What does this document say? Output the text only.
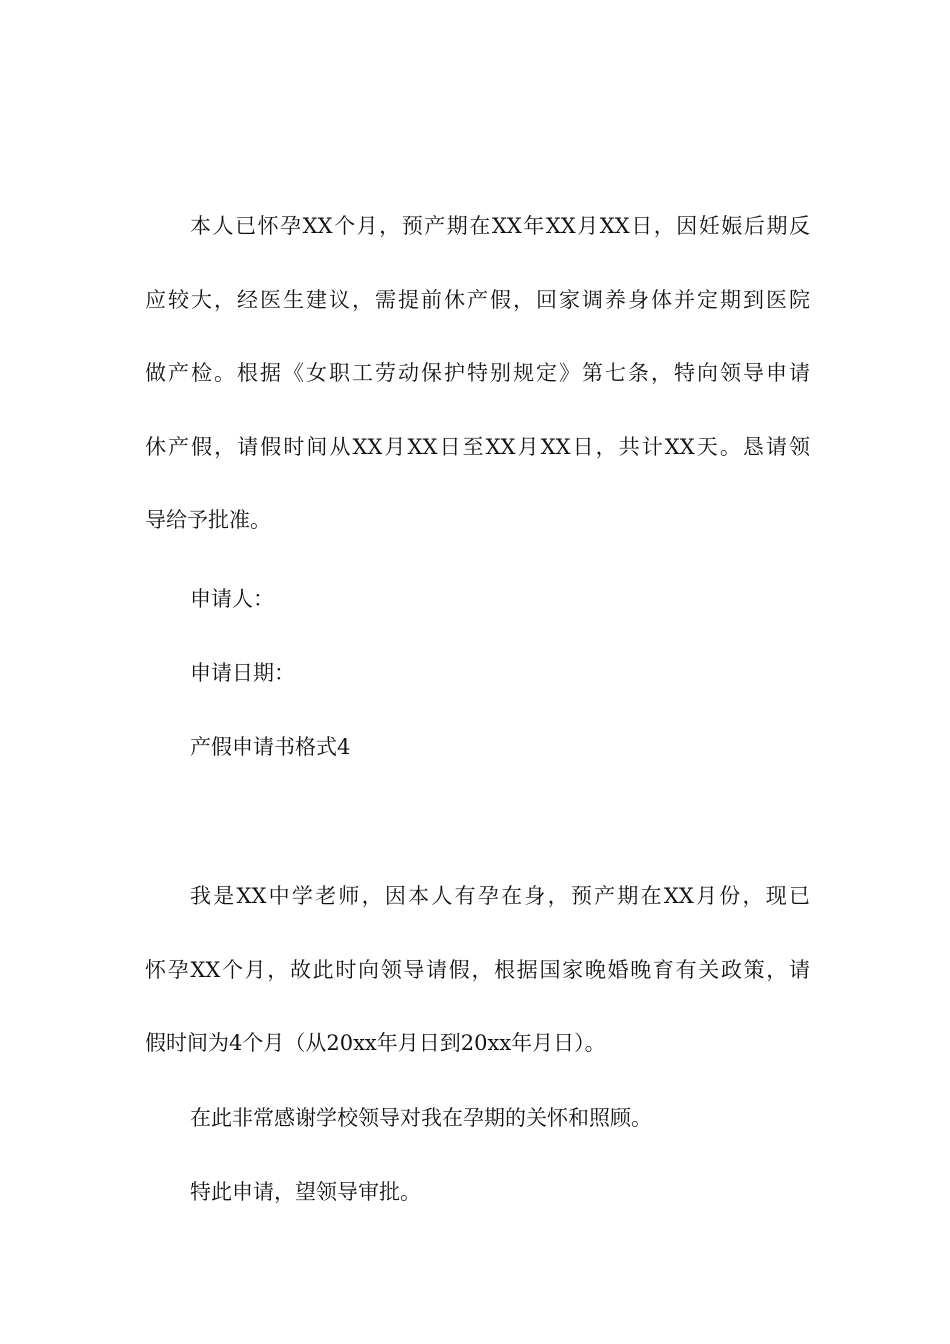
本人已怀孕XX个月，预产期在XX年XX月XX日，因妊娠后期反
应较大，经医生建议，需提前休产假，回家调养身体并定期到医院
做产检。根据《女职工劳动保护特别规定》第七条，特向领导申请
休产假，请假时间从XX月XX日至XX月XX日，共计XX天。恳请领
导给予批准。
申请人：
申请日期：
产假申请书格式4
我是XX中学老师，因本人有孕在身，预产期在XX月份，现已
怀孕XX个月，故此时向领导请假，根据国家晚婚晚育有关政策，请
假时间为4个月（从20xx年月日到20xx年月日）。
在此非常感谢学校领导对我在孕期的关怀和照顾。
特此申请，望领导审批。
